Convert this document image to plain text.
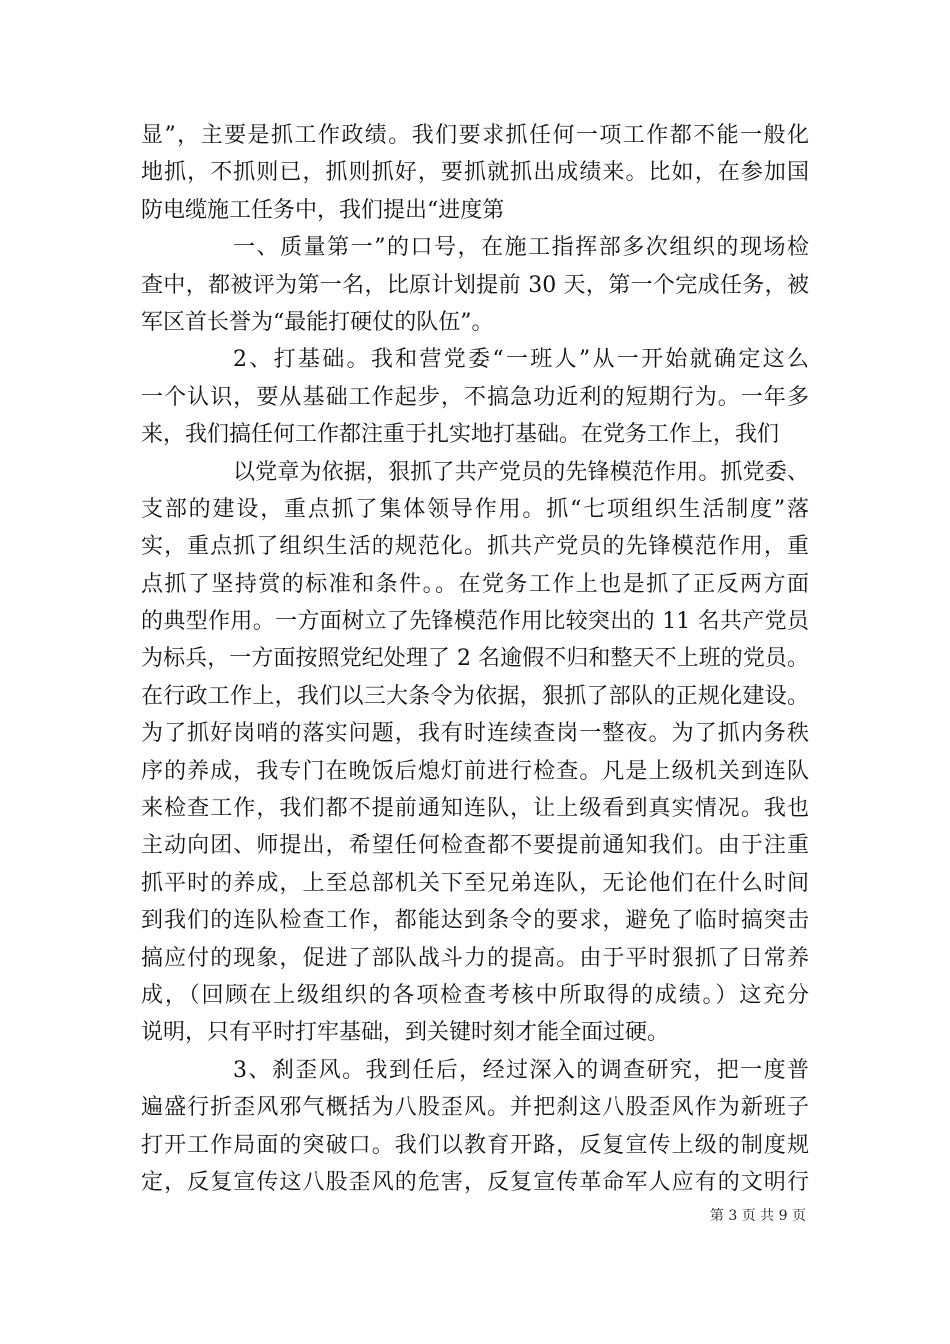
显”，主要是抓工作政绩。我们要求抓任何一项工作都不能一般化
地抓，不抓则已，抓则抓好，要抓就抓出成绩来。比如，在参加国
防电缆施工任务中，我们提出“进度第
一、质量第一”的口号，在施工指挥部多次组织的现场检
查中，都被评为第一名，比原计划提前 30 天，第一个完成任务，被
军区首长誉为“最能打硬仗的队伍”。
2、打基础。我和营党委“一班人”从一开始就确定这么
一个认识，要从基础工作起步，不搞急功近利的短期行为。一年多
来，我们搞任何工作都注重于扎实地打基础。在党务工作上，我们
以党章为依据，狠抓了共产党员的先锋模范作用。抓党委、
支部的建设，重点抓了集体领导作用。抓“七项组织生活制度”落
实，重点抓了组织生活的规范化。抓共产党员的先锋模范作用，重
点抓了坚持赏的标准和条件。。在党务工作上也是抓了正反两方面
的典型作用。一方面树立了先锋模范作用比较突出的 11 名共产党员
为标兵，一方面按照党纪处理了 2 名逾假不归和整天不上班的党员。
在行政工作上，我们以三大条令为依据，狠抓了部队的正规化建设。
为了抓好岗哨的落实问题，我有时连续查岗一整夜。为了抓内务秩
序的养成，我专门在晚饭后熄灯前进行检查。凡是上级机关到连队
来检查工作，我们都不提前通知连队，让上级看到真实情况。我也
主动向团、师提出，希望任何检查都不要提前通知我们。由于注重
抓平时的养成，上至总部机关下至兄弟连队，无论他们在什么时间
到我们的连队检查工作，都能达到条令的要求，避免了临时搞突击
搞应付的现象，促进了部队战斗力的提高。由于平时狠抓了日常养
成，（回顾在上级组织的各项检查考核中所取得的成绩。）这充分
说明，只有平时打牢基础，到关键时刻才能全面过硬。
3、刹歪风。我到任后，经过深入的调查研究，把一度普
遍盛行折歪风邪气概括为八股歪风。并把刹这八股歪风作为新班子
打开工作局面的突破口。我们以教育开路，反复宣传上级的制度规
定，反复宣传这八股歪风的危害，反复宣传革命军人应有的文明行
第 3 页 共 9 页
